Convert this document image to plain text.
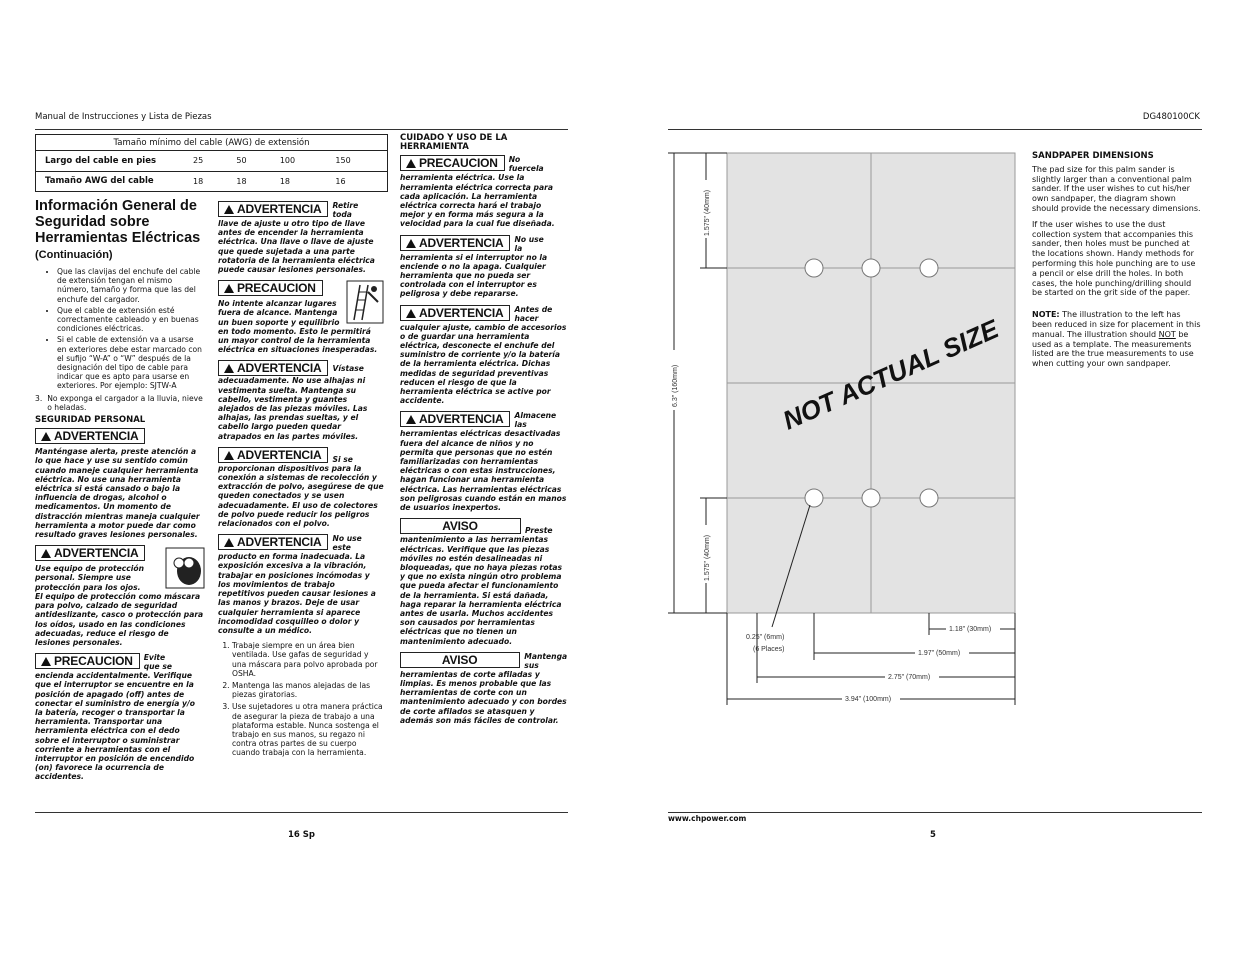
Manual de Instrucciones y Lista de Piezas	DG480100CK
Tamaño mínimo del cable (AWG) de extensión
Largo del cable en pies	25	50	100	150
Tamaño AWG del cable	18	18	18	16
Información General de Seguridad sobre Herramientas Eléctricas (Continuación)
• Que las clavijas del enchufe del cable de extensión tengan el mismo número, tamaño y forma que las del enchufe del cargador.
• Que el cable de extensión esté correctamente cableado y en buenas condiciones eléctricas.
• Si el cable de extensión va a usarse en exteriores debe estar marcado con el sufijo “W-A” o “W” después de la designación del tipo de cable para indicar que es apto para usarse en exteriores. Por ejemplo: SJTW-A
3. No exponga el cargador a la lluvia, nieve o heladas.
SEGURIDAD PERSONAL
ADVERTENCIA

Manténgase alerta, preste atención a lo que hace y use su sentido común cuando maneje cualquier herramienta eléctrica. No use una herramienta eléctrica si está cansado o bajo la influencia de drogas, alcohol o medicamentos. Un momento de distracción mientras maneja cualquier herramienta a motor puede dar como resultado graves lesiones personales.

ADVERTENCIA

Use equipo de protección personal. Siempre use protección para los ojos.

El equipo de protección como máscara para polvo, calzado de seguridad antideslizante, casco o protección para los oídos, usado en las condiciones adecuadas, reduce el riesgo de lesiones personales.

PRECAUCION	Evite que se

encienda accidentalmente. Verifique que el interruptor se encuentre en la posición de apagado (off) antes de conectar el suministro de energía y/o la batería, recoger o transportar la herramienta. Transportar una herramienta eléctrica con el dedo sobre el interruptor o suministrar corriente a herramientas con el interruptor en posición de encendido (on) favorece la ocurrencia de accidentes.

ADVERTENCIA	Retire toda

llave de ajuste u otro tipo de llave antes de encender la herramienta eléctrica. Una llave o llave de ajuste que quede sujetada a una parte rotatoria de la herramienta eléctrica puede causar lesiones personales.

PRECAUCION

No intente alcanzar lugares fuera de alcance. Mantenga un buen soporte y equilibrio

en todo momento. Esto le permitirá un mayor control de la herramienta eléctrica en situaciones inesperadas.

ADVERTENCIA	Vístase

adecuadamente. No use alhajas ni vestimenta suelta. Mantenga su cabello, vestimenta y guantes alejados de las piezas móviles. Las alhajas, las prendas sueltas, y el cabello largo pueden quedar atrapados en las partes móviles.

ADVERTENCIA	Si se

proporcionan dispositivos para la conexión a sistemas de recolección y extracción de polvo, asegúrese de que queden conectados y se usen adecuadamente. El uso de colectores de polvo puede reducir los peligros relacionados con el polvo.

ADVERTENCIA	No use este

producto en forma inadecuada. La exposición excesiva a la vibración, trabajar en posiciones incómodas y los movimientos de trabajo repetitivos pueden causar lesiones a las manos y brazos. Deje de usar cualquier herramienta si aparece incomodidad cosquilleo o dolor y consulte a un médico.

1. Trabaje siempre en un área bien ventilada. Use gafas de seguridad y una máscara para polvo aprobada por OSHA.
2. Mantenga las manos alejadas de las piezas giratorias.
3. Use sujetadores u otra manera práctica de asegurar la pieza de trabajo a una plataforma estable. Nunca sostenga el trabajo en sus manos, su regazo ni contra otras partes de su cuerpo cuando trabaja con la herramienta.
CUIDADO Y USO DE LA HERRAMIENTA
PRECAUCION	No fuercela

herramienta eléctrica. Use la herramienta eléctrica correcta para cada aplicación. La herramienta eléctrica correcta hará el trabajo mejor y en forma más segura a la velocidad para la cual fue diseñada.

ADVERTENCIA	No use la

herramienta si el interruptor no la enciende o no la apaga. Cualquier herramienta que no pueda ser controlada con el interruptor es peligrosa y debe repararse.

ADVERTENCIA	Antes de hacer

cualquier ajuste, cambio de accesorios o de guardar una herramienta eléctrica, desconecte el enchufe del suministro de corriente y/o la batería de la herramienta eléctrica. Dichas medidas de seguridad preventivas reducen el riesgo de que la herramienta eléctrica se active por accidente.

ADVERTENCIA	Almacene las

herramientas eléctricas desactivadas fuera del alcance de niños y no permita que personas que no estén familiarizadas con herramientas eléctricas o con estas instrucciones, hagan funcionar una herramienta eléctrica. Las herramientas eléctricas son peligrosas cuando están en manos de usuarios inexpertos.

AVISO	Preste

mantenimiento a las herramientas eléctricas. Verifique que las piezas móviles no estén desalineadas ni bloqueadas, que no haya piezas rotas y que no exista ningún otro problema que pueda afectar el funcionamiento de la herramienta. Si está dañada, haga reparar la herramienta eléctrica antes de usarla. Muchos accidentes son causados por herramientas eléctricas que no tienen un mantenimiento adecuado.

AVISO	Mantenga sus

herramientas de corte afiladas y limpias. Es menos probable que las herramientas de corte con un mantenimiento adecuado y con bordes de corte afilados se atasquen y además son más fáciles de controlar.

16 Sp
www.chpower.com
5
NOT ACTUAL SIZE
6.3" (160mm)
1.575" (40mm)
1.575" (40mm)
0.25" (6mm)
(6 Places)
1.18" (30mm)
1.97" (50mm)
2.75" (70mm)
3.94" (100mm)
SANDPAPER DIMENSIONS

The pad size for this palm sander is slightly larger than a conventional palm sander. If the user wishes to cut his/her own sandpaper, the diagram shown should provide the necessary dimensions.

If the user wishes to use the dust collection system that accompanies this sander, then holes must be punched at the locations shown. Handy methods for performing this hole punching are to use a pencil or else drill the holes. In both cases, the hole punching/drilling should be started on the grit side of the paper.

NOTE: The illustration to the left has been reduced in size for placement in this manual. The illustration should NOT be used as a template. The measurements listed are the true measurements to use when cutting your own sandpaper.
